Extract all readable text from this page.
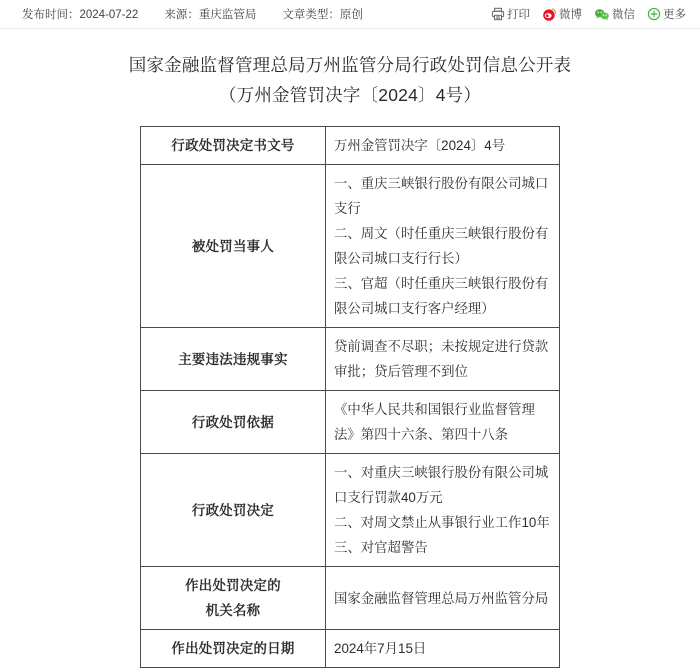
发布时间：2024-07-22 来源：重庆监管局 文章类型：原创	打印	微博	微信 更多
国家金融监督管理总局万州监管分局行政处罚信息公开表
（万州金管罚决字〔2024〕4号）
行政处罚决定书文号	万州金管罚决字〔2024〕4号

被处罚当事人	一、重庆三峡银行股份有限公司城口支行
二、周文（时任重庆三峡银行股份有限公司城口支行行长）
三、官超（时任重庆三峡银行股份有限公司城口支行客户经理）

主要违法违规事实	贷前调查不尽职；未按规定进行贷款审批；贷后管理不到位

行政处罚依据	《中华人民共和国银行业监督管理法》第四十六条、第四十八条

行政处罚决定	一、对重庆三峡银行股份有限公司城口支行罚款40万元
二、对周文禁止从事银行业工作10年
三、对官超警告

作出处罚决定的
机关名称	国家金融监督管理总局万州监管分局

作出处罚决定的日期	2024年7月15日
